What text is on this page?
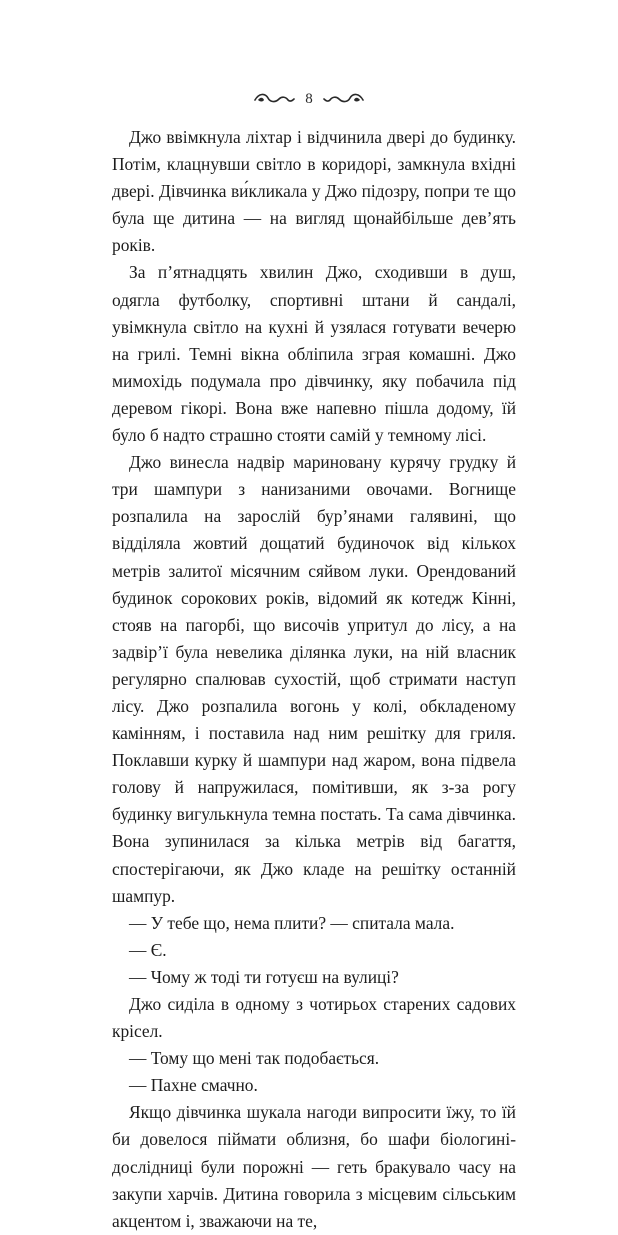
8

Джо ввімкнула ліхтар і відчинила двері до будинку. Потім, клацнувши світло в коридорі, замкнула вхідні двері. Дівчинка ви́кликала у Джо підозру, попри те що була ще дитина — на вигляд щонайбільше дев’ять років.

За п’ятнадцять хвилин Джо, сходивши в душ, одягла футболку, спортивні штани й сандалі, увімкнула світло на кухні й узялася готувати вечерю на грилі. Темні вікна обліпила зграя комашні. Джо мимохідь подумала про дівчинку, яку побачила під деревом гікорі. Вона вже напевно пішла додому, їй було б надто страшно стояти самій у темному лісі.

Джо винесла надвір мариновану курячу грудку й три шампури з нанизаними овочами. Вогнище розпалила на зарослій бур’янами галявині, що відділяла жовтий дощатий будиночок від кількох метрів залитої місячним сяйвом луки. Орендований будинок сорокових років, відомий як котедж Кінні, стояв на пагорбі, що височів упритул до лісу, а на задвір’ї була невелика ділянка луки, на ній власник регулярно спалював сухостій, щоб стримати наступ лісу. Джо розпалила вогонь у колі, обкладеному камінням, і поставила над ним решітку для гриля. Поклавши курку й шампури над жаром, вона підвела голову й напружилася, помітивши, як з-за рогу будинку вигулькнула темна постать. Та сама дівчинка. Вона зупинилася за кілька метрів від багаття, спостерігаючи, як Джо кладе на решітку останній шампур.

— У тебе що, нема плити? — спитала мала.

— Є.

— Чому ж тоді ти готуєш на вулиці?

Джо сиділа в одному з чотирьох старених садових крісел.

— Тому що мені так подобається.

— Пахне смачно.

Якщо дівчинка шукала нагоди випросити їжу, то їй би довелося піймати облизня, бо шафи біологині-дослідниці були порожні — геть бракувало часу на закупи харчів. Дитина говорила з місцевим сільським акцентом і, зважаючи на те,
